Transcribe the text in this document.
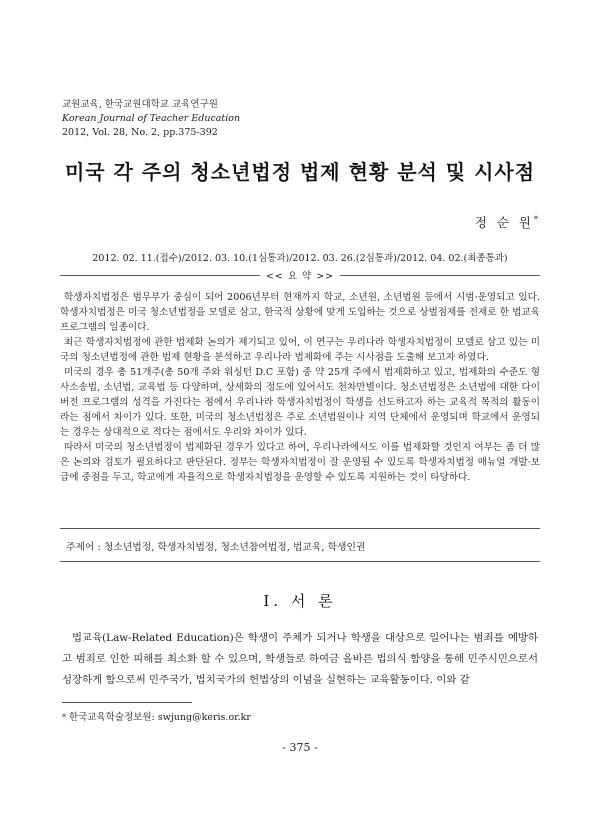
교원교육, 한국교원대학교 교육연구원
Korean Journal of Teacher Education
2012, Vol. 28, No. 2, pp.375-392
미국 각 주의 청소년법정 법제 현황 분석 및 시사점
정 순 원*
2012. 02. 11.(접수)/2012. 03. 10.(1심통과)/2012. 03. 26.(2심통과)/2012. 04. 02.(최종통과)
<< 요 약 >>

학생자치법정은 범무부가 중심이 되어 2006년부터 현재까지 학교, 소년원, 소년법원 등에서 시범·운영되고 있다. 학생자치법정은 미국 청소년법정을 모델로 삼고, 한국적 상황에 맞게 도입하는 것으로 상벌점제를 전제로 한 법교육프로그램의 일종이다.

최근 학생자치법정에 관한 법제화 논의가 제기되고 있어, 이 연구는 우리나라 학생자치법정이 모델로 삼고 있는 미국의 청소년법정에 관한 법제 현황을 분석하고 우리나라 법제화에 주는 시사점을 도출해 보고자 하였다.

미국의 경우 총 51개주(총 50개 주와 워싱턴 D.C 포함) 중 약 25개 주에서 법제화하고 있고, 법제화의 수준도 형사소송법, 소년법, 교육법 등 다양하며, 상세화의 정도에 있어서도 천차만별이다. 청소년법정은 소년법에 대한 다이버전 프로그램의 성격을 가진다는 점에서 우리나라 학생자치법정이 학생을 선도하고자 하는 교육적 목적의 활동이라는 점에서 차이가 있다. 또한, 미국의 청소년법정은 주로 소년법원이나 지역 단체에서 운영되며 학교에서 운영되는 경우는 상대적으로 적다는 점에서도 우리와 차이가 있다.

따라서 미국의 청소년법정이 법제화된 경우가 있다고 하여, 우리나라에서도 이를 법제화할 것인지 여부는 좀 더 많은 논의와 검토가 필요하다고 판단된다. 정부는 학생자치법정이 잘 운영될 수 있도록 학생자치법정 매뉴얼 개발·보급에 중점을 두고, 학교에게 자율적으로 학생자치법정을 운영할 수 있도록 지원하는 것이 타당하다.

주제어 : 청소년법정, 학생자치법정, 청소년참여법정, 법교육, 학생인권
Ⅰ. 서 론

법교육(Law-Related Education)은 학생이 주체가 되거나 학생을 대상으로 일어나는 범죄를 예방하고 범죄로 인한 피해를 최소화 할 수 있으며, 학생들로 하여금 올바른 법의식 함양을 통해 민주시민으로서 성장하게 함으로써 민주국가, 법치국가의 헌법상의 이념을 실현하는 교육활동이다. 이와 같

* 한국교육학술정보원: swjung@keris.or.kr
- 375 -
